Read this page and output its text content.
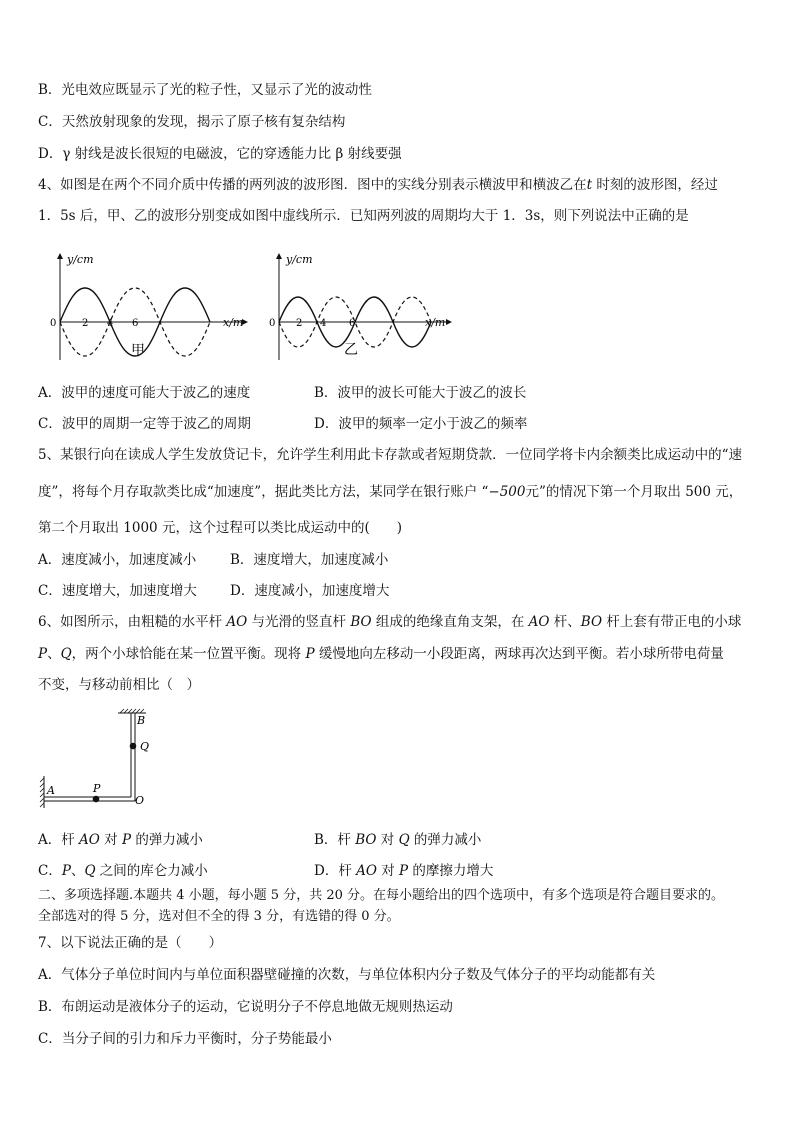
B．光电效应既显示了光的粒子性，又显示了光的波动性
C．天然放射现象的发现，揭示了原子核有复杂结构
D．γ 射线是波长很短的电磁波，它的穿透能力比 β 射线要强
4、如图是在两个不同介质中传播的两列波的波形图．图中的实线分别表示横波甲和横波乙在t 时刻的波形图，经过
1．5s 后，甲、乙的波形分别变成如图中虚线所示．已知两列波的周期均大于 1．3s，则下列说法中正确的是
y/cm
x/m
0	2 4 6
甲
y/cm
x/m
0 2 4 6
乙
A．波甲的速度可能大于波乙的速度	B．波甲的波长可能大于波乙的波长
C．波甲的周期一定等于波乙的周期	D．波甲的频率一定小于波乙的频率
5、某银行向在读成人学生发放贷记卡，允许学生利用此卡存款或者短期贷款．一位同学将卡内余额类比成运动中的“速
度”，将每个月存取款类比成“加速度”，据此类比方法，某同学在银行账户 “−500元”的情况下第一个月取出 500 元，
第二个月取出 1000 元，这个过程可以类比成运动中的(　　)
A．速度减小，加速度减小	B．速度增大，加速度减小
C．速度增大，加速度增大 D．速度减小，加速度增大
6、如图所示，由粗糙的水平杆 AO 与光滑的竖直杆 BO 组成的绝缘直角支架，在 AO 杆、BO 杆上套有带正电的小球
P、Q，两个小球恰能在某一位置平衡。现将 P 缓慢地向左移动一小段距离，两球再次达到平衡。若小球所带电荷量
不变，与移动前相比（　）
B
Q
A	P
O
A．杆 AO 对 P 的弹力减小	B．杆 BO 对 Q 的弹力减小
C．P、Q 之间的库仑力减小	D．杆 AO 对 P 的摩擦力增大
二、多项选择题.本题共 4 小题，每小题 5 分，共 20 分。在每小题给出的四个选项中，有多个选项是符合题目要求的。
全部选对的得 5 分，选对但不全的得 3 分，有选错的得 0 分。
7、以下说法正确的是（　　）
A．气体分子单位时间内与单位面积器壁碰撞的次数，与单位体积内分子数及气体分子的平均动能都有关
B．布朗运动是液体分子的运动，它说明分子不停息地做无规则热运动
C．当分子间的引力和斥力平衡时，分子势能最小
